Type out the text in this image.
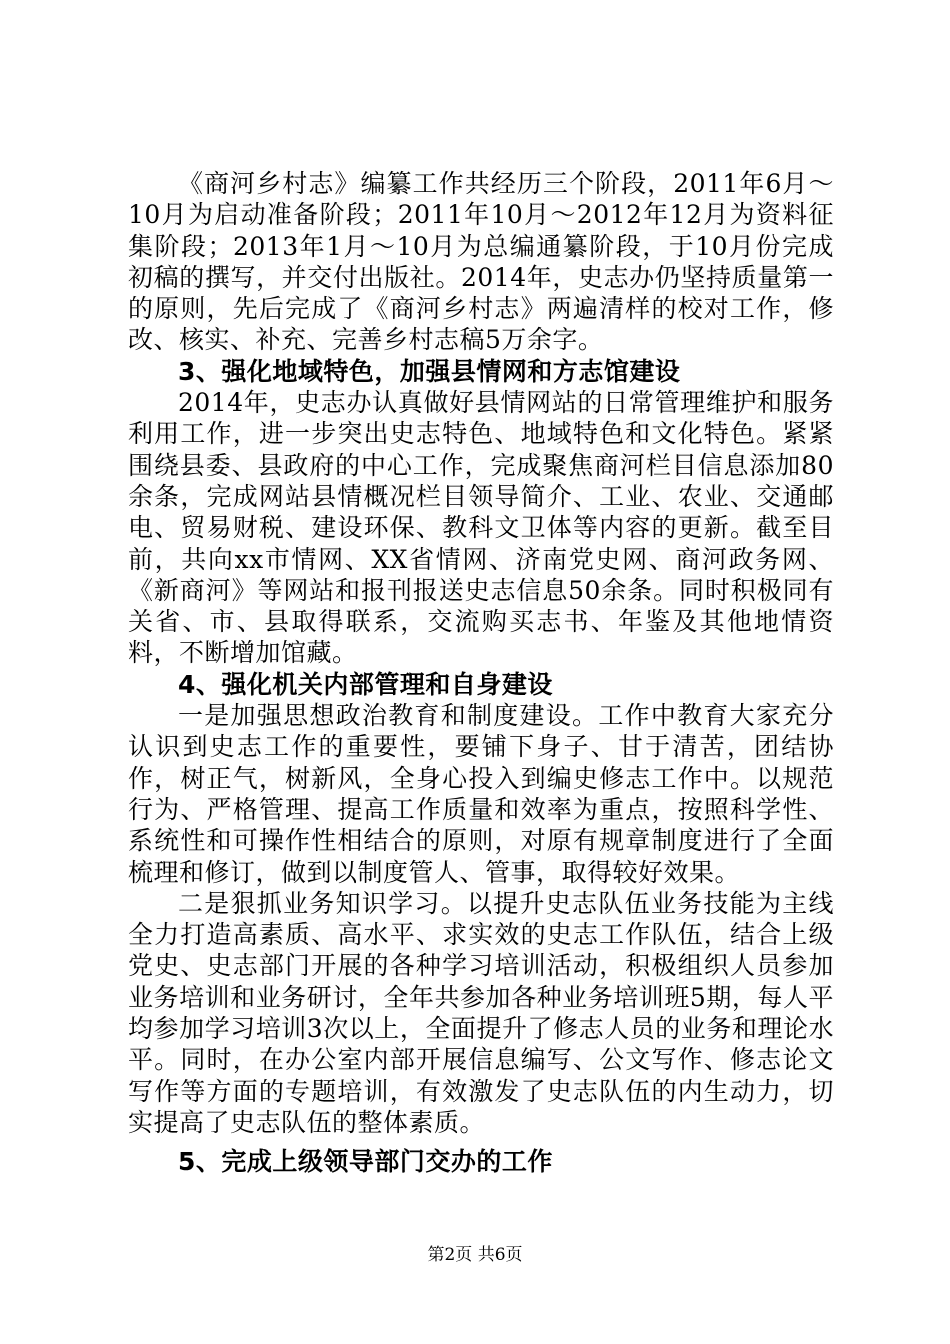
《商河乡村志》编纂工作共经历三个阶段，2011年6月～10月为启动准备阶段；2011年10月～2012年12月为资料征集阶段；2013年1月～10月为总编通纂阶段，于10月份完成初稿的撰写，并交付出版社。2014年，史志办仍坚持质量第一的原则，先后完成了《商河乡村志》两遍清样的校对工作，修改、核实、补充、完善乡村志稿5万余字。

3、强化地域特色，加强县情网和方志馆建设

2014年，史志办认真做好县情网站的日常管理维护和服务利用工作，进一步突出史志特色、地域特色和文化特色。紧紧围绕县委、县政府的中心工作，完成聚焦商河栏目信息添加80余条，完成网站县情概况栏目领导简介、工业、农业、交通邮电、贸易财税、建设环保、教科文卫体等内容的更新。截至目前，共向xx市情网、XX省情网、济南党史网、商河政务网、《新商河》等网站和报刊报送史志信息50余条。同时积极同有关省、市、县取得联系，交流购买志书、年鉴及其他地情资料，不断增加馆藏。

4、强化机关内部管理和自身建设

一是加强思想政治教育和制度建设。工作中教育大家充分认识到史志工作的重要性，要铺下身子、甘于清苦，团结协作，树正气，树新风，全身心投入到编史修志工作中。以规范行为、严格管理、提高工作质量和效率为重点，按照科学性、系统性和可操作性相结合的原则，对原有规章制度进行了全面梳理和修订，做到以制度管人、管事，取得较好效果。

二是狠抓业务知识学习。以提升史志队伍业务技能为主线全力打造高素质、高水平、求实效的史志工作队伍，结合上级党史、史志部门开展的各种学习培训活动，积极组织人员参加业务培训和业务研讨，全年共参加各种业务培训班5期，每人平均参加学习培训3次以上，全面提升了修志人员的业务和理论水平。同时，在办公室内部开展信息编写、公文写作、修志论文写作等方面的专题培训，有效激发了史志队伍的内生动力，切实提高了史志队伍的整体素质。

5、完成上级领导部门交办的工作
第2页 共6页
